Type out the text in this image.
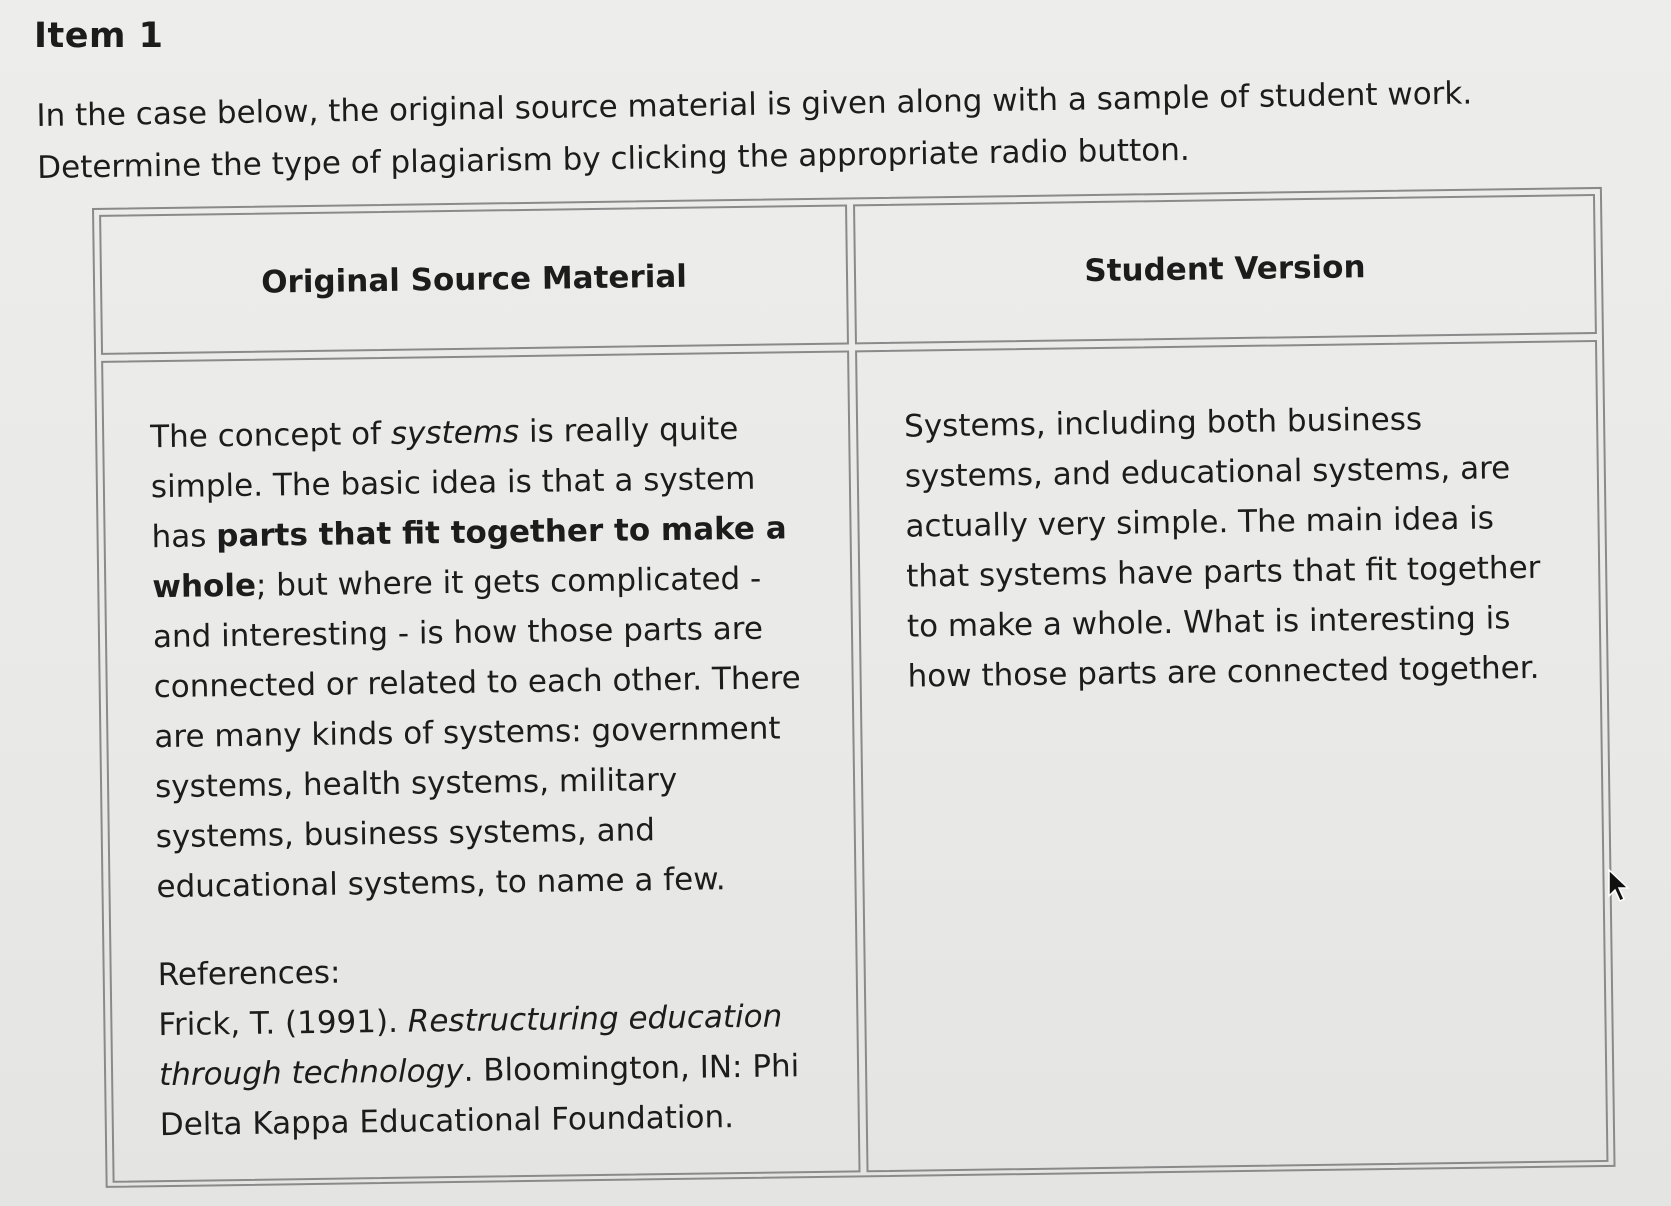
Item 1

In the case below, the original source material is given along with a sample of student work.

Determine the type of plagiarism by clicking the appropriate radio button.

Original Source Material	Student Version

The concept of systems is really quite simple. The basic idea is that a system has parts that fit together to make a whole; but where it gets complicated - and interesting - is how those parts are connected or related to each other. There are many kinds of systems: government systems, health systems, military systems, business systems, and educational systems, to name a few.

References:

Frick, T. (1991). Restructuring education through technology. Bloomington, IN: Phi Delta Kappa Educational Foundation.

Systems, including both business systems, and educational systems, are actually very simple. The main idea is that systems have parts that fit together to make a whole. What is interesting is how those parts are connected together.
